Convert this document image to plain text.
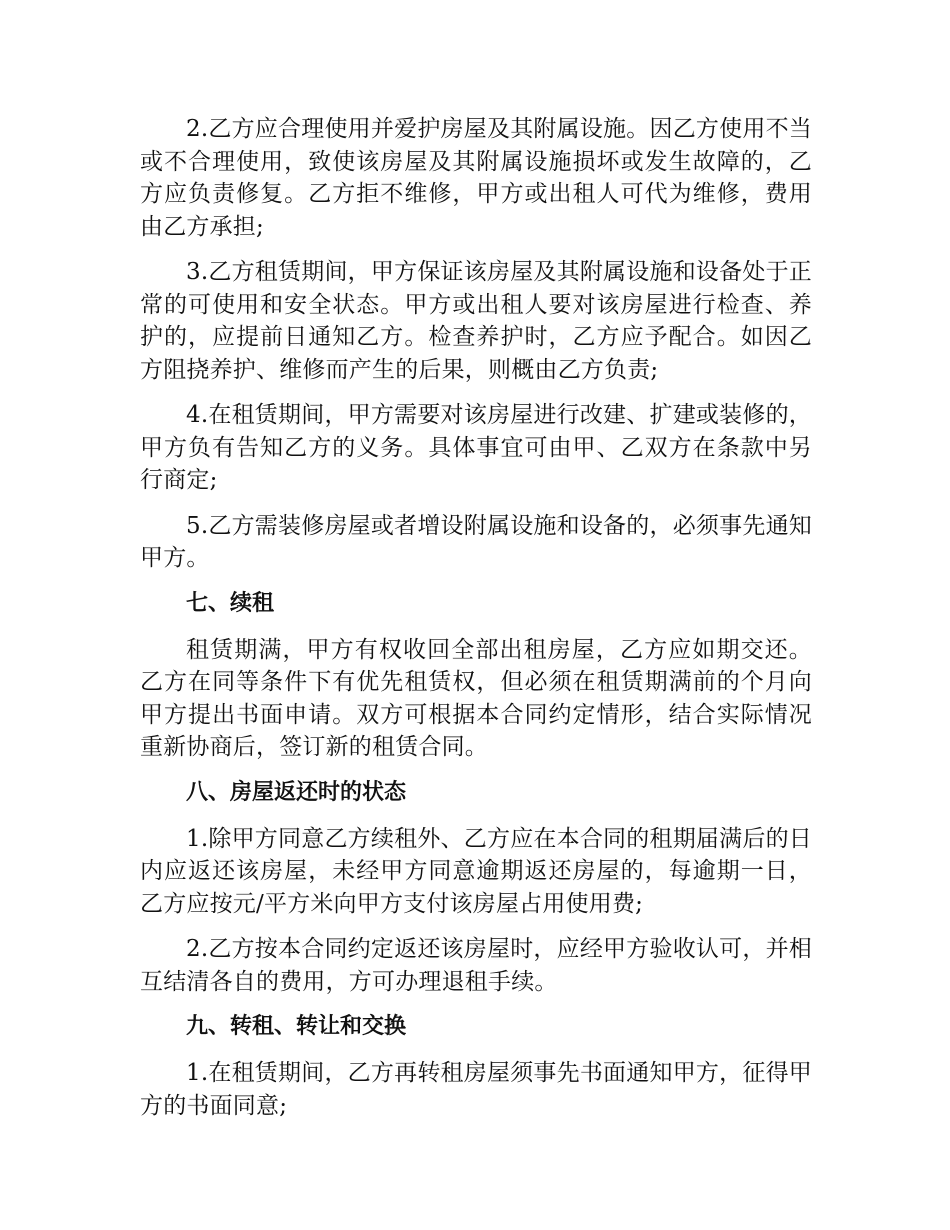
2.乙方应合理使用并爱护房屋及其附属设施。因乙方使用不当或不合理使用，致使该房屋及其附属设施损坏或发生故障的，乙方应负责修复。乙方拒不维修，甲方或出租人可代为维修，费用由乙方承担;

3.乙方租赁期间，甲方保证该房屋及其附属设施和设备处于正常的可使用和安全状态。甲方或出租人要对该房屋进行检查、养护的，应提前日通知乙方。检查养护时，乙方应予配合。如因乙方阻挠养护、维修而产生的后果，则概由乙方负责;

4.在租赁期间，甲方需要对该房屋进行改建、扩建或装修的，甲方负有告知乙方的义务。具体事宜可由甲、乙双方在条款中另行商定;

5.乙方需装修房屋或者增设附属设施和设备的，必须事先通知甲方。

七、续租

租赁期满，甲方有权收回全部出租房屋，乙方应如期交还。乙方在同等条件下有优先租赁权，但必须在租赁期满前的个月向甲方提出书面申请。双方可根据本合同约定情形，结合实际情况重新协商后，签订新的租赁合同。

八、房屋返还时的状态

1.除甲方同意乙方续租外、乙方应在本合同的租期届满后的日内应返还该房屋，未经甲方同意逾期返还房屋的，每逾期一日，乙方应按元/平方米向甲方支付该房屋占用使用费;

2.乙方按本合同约定返还该房屋时，应经甲方验收认可，并相互结清各自的费用，方可办理退租手续。

九、转租、转让和交换

1.在租赁期间，乙方再转租房屋须事先书面通知甲方，征得甲方的书面同意;
